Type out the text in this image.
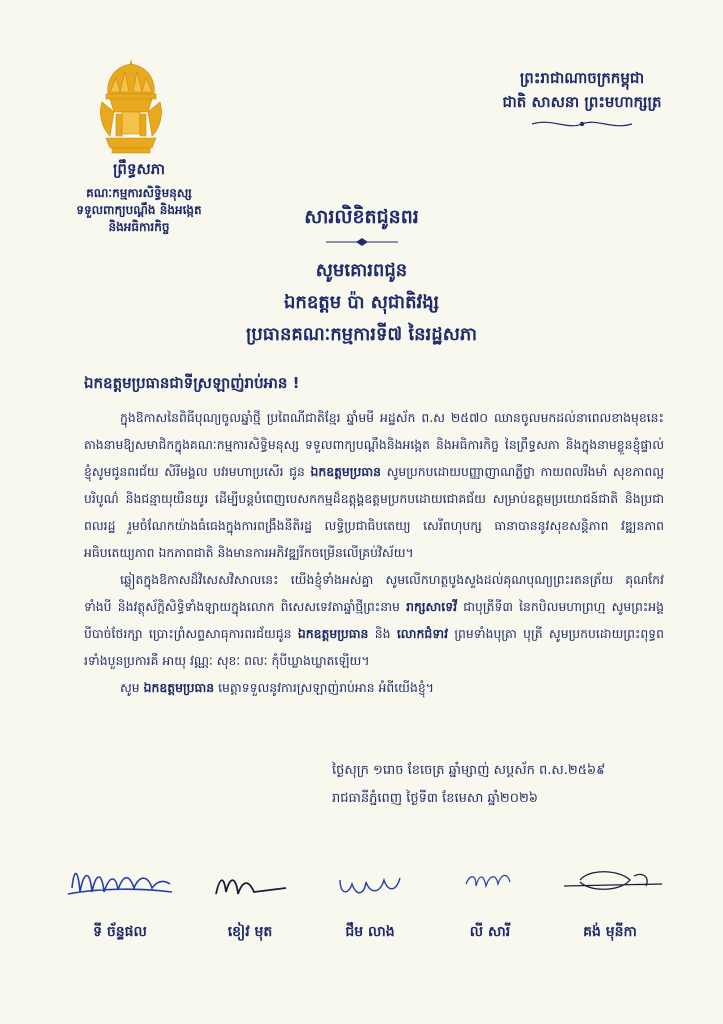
ព្រឹទ្ធសភា
គណៈកម្មការសិទ្ធិមនុស្ស
ទទួលពាក្យបណ្ដឹង និងអង្កេត
និងអធិការកិច្ច
ព្រះរាជាណាចក្រកម្ពុជា
ជាតិ សាសនា ព្រះមហាក្សត្រ
សារលិខិតជូនពរ
សូមគោរពជូន
ឯកឧត្តម ប៉ា សុជាតិវង្ស
ប្រធានគណៈកម្មការទី៧ នៃរដ្ឋសភា
ឯកឧត្តមប្រធានជាទីស្រឡាញ់រាប់អាន !

ក្នុងឱកាសនៃពិធីបុណ្យចូលឆ្នាំថ្មី ប្រពៃណីជាតិខ្មែរ ឆ្នាំមមី អដ្ឋស័ក ព.ស ២៥៧០ ឈានចូលមកដល់នាពេលខាងមុខនេះ តាងនាមឱ្យសមាជិកក្នុងគណៈកម្មការសិទ្ធិមនុស្ស ទទួលពាក្យបណ្ដឹងនិងអង្កេត និងអធិការកិច្ច នៃព្រឹទ្ធសភា និងក្នុងនាមខ្លួនខ្ញុំផ្ទាល់ ខ្ញុំសូមជូនពរជ័យ សិរីមង្គល បវរមហាប្រសើរ ជូន ឯកឧត្តមប្រធាន សូមប្រកបដោយបញ្ញាញាណភ្លឺថ្លា កាយពលរឹងមាំ សុខភាពល្អបរិបូណ៌ និងជន្មាយុយឺនយូរ ដើម្បីបន្តបំពេញបេសកកម្មដ៏ឧត្តុង្គឧត្តមប្រកបដោយជោគជ័យ សម្រាប់ឧត្តមប្រយោជន៍ជាតិ និងប្រជាពលរដ្ឋ រួមចំណែកយ៉ាងធំធេងក្នុងការពង្រឹងនីតិរដ្ឋ លទ្ធិប្រជាធិបតេយ្យ សេរីពហុបក្ស ធានាបាននូវសុខសន្តិភាព វឌ្ឍនភាព អធិបតេយ្យភាព ឯកភាពជាតិ និងមានការអភិវឌ្ឍរីកចម្រើនលើគ្រប់វិស័យ។

ឆ្លៀតក្នុងឱកាសដ៏វិសេសវិសាលនេះ យើងខ្ញុំទាំងអស់គ្នា សូមលើកហត្ថបូងសួងដល់គុណបុណ្យព្រះរតនត្រ័យ គុណកែវទាំងបី និងវត្ថុស័ក្តិសិទ្ធិទាំងឡាយក្នុងលោក ពិសេសទេវតាឆ្នាំថ្មីព្រះនាម រាក្សសាទេវី ជាបុត្រីទី៣ នៃកបិលមហាព្រហ្ម សូមព្រះអង្គបីបាច់ថែរក្សា ប្រោះព្រំសព្ទសាធុការពរជ័យជូន ឯកឧត្តមប្រធាន និង លោកជំទាវ ព្រមទាំងបុត្រា បុត្រី សូមប្រកបដោយព្រះពុទ្ធពរទាំងបួនប្រការគឺ អាយុ វណ្ណៈ សុខៈ ពលៈ កុំបីឃ្លាងឃ្លាតឡើយ។

សូម ឯកឧត្តមប្រធាន មេត្តាទទួលនូវការស្រឡាញ់រាប់អាន អំពីយើងខ្ញុំ។

ថ្ងៃសុក្រ ១រោច ខែចេត្រ ឆ្នាំម្សាញ់ សប្តស័ក ព.ស.២៥៦៩
រាជធានីភ្នំពេញ ថ្ងៃទី៣ ខែមេសា ឆ្នាំ២០២៦
ទី ច័ន្ទផល	ខៀវ មុត	ជឹម លាង	លី សារី	គង់ មុនីកា
